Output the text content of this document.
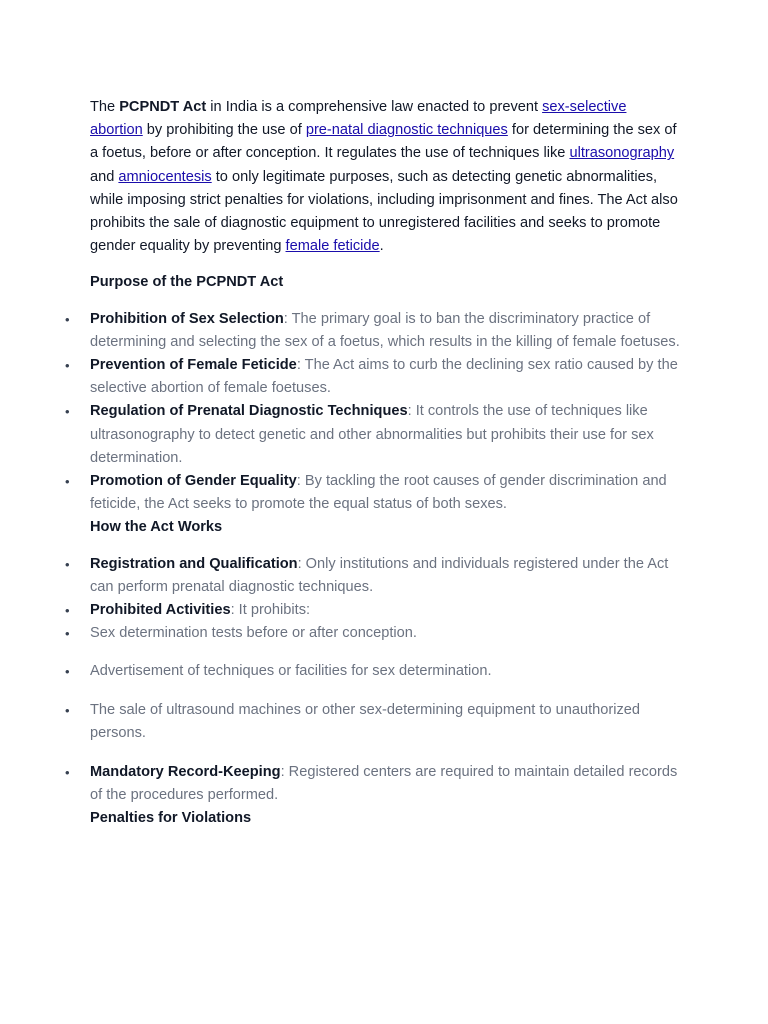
The PCPNDT Act in India is a comprehensive law enacted to prevent sex-selective abortion by prohibiting the use of pre-natal diagnostic techniques for determining the sex of a foetus, before or after conception. It regulates the use of techniques like ultrasonography and amniocentesis to only legitimate purposes, such as detecting genetic abnormalities, while imposing strict penalties for violations, including imprisonment and fines. The Act also prohibits the sale of diagnostic equipment to unregistered facilities and seeks to promote gender equality by preventing female feticide.

Purpose of the PCPNDT Act

• Prohibition of Sex Selection: The primary goal is to ban the discriminatory practice of determining and selecting the sex of a foetus, which results in the killing of female foetuses.
• Prevention of Female Feticide: The Act aims to curb the declining sex ratio caused by the selective abortion of female foetuses.
• Regulation of Prenatal Diagnostic Techniques: It controls the use of techniques like ultrasonography to detect genetic and other abnormalities but prohibits their use for sex determination.
• Promotion of Gender Equality: By tackling the root causes of gender discrimination and feticide, the Act seeks to promote the equal status of both sexes.

How the Act Works

• Registration and Qualification: Only institutions and individuals registered under the Act can perform prenatal diagnostic techniques.
• Prohibited Activities: It prohibits:
• Sex determination tests before or after conception.
• Advertisement of techniques or facilities for sex determination.
• The sale of ultrasound machines or other sex-determining equipment to unauthorized persons.
• Mandatory Record-Keeping: Registered centers are required to maintain detailed records of the procedures performed.

Penalties for Violations
